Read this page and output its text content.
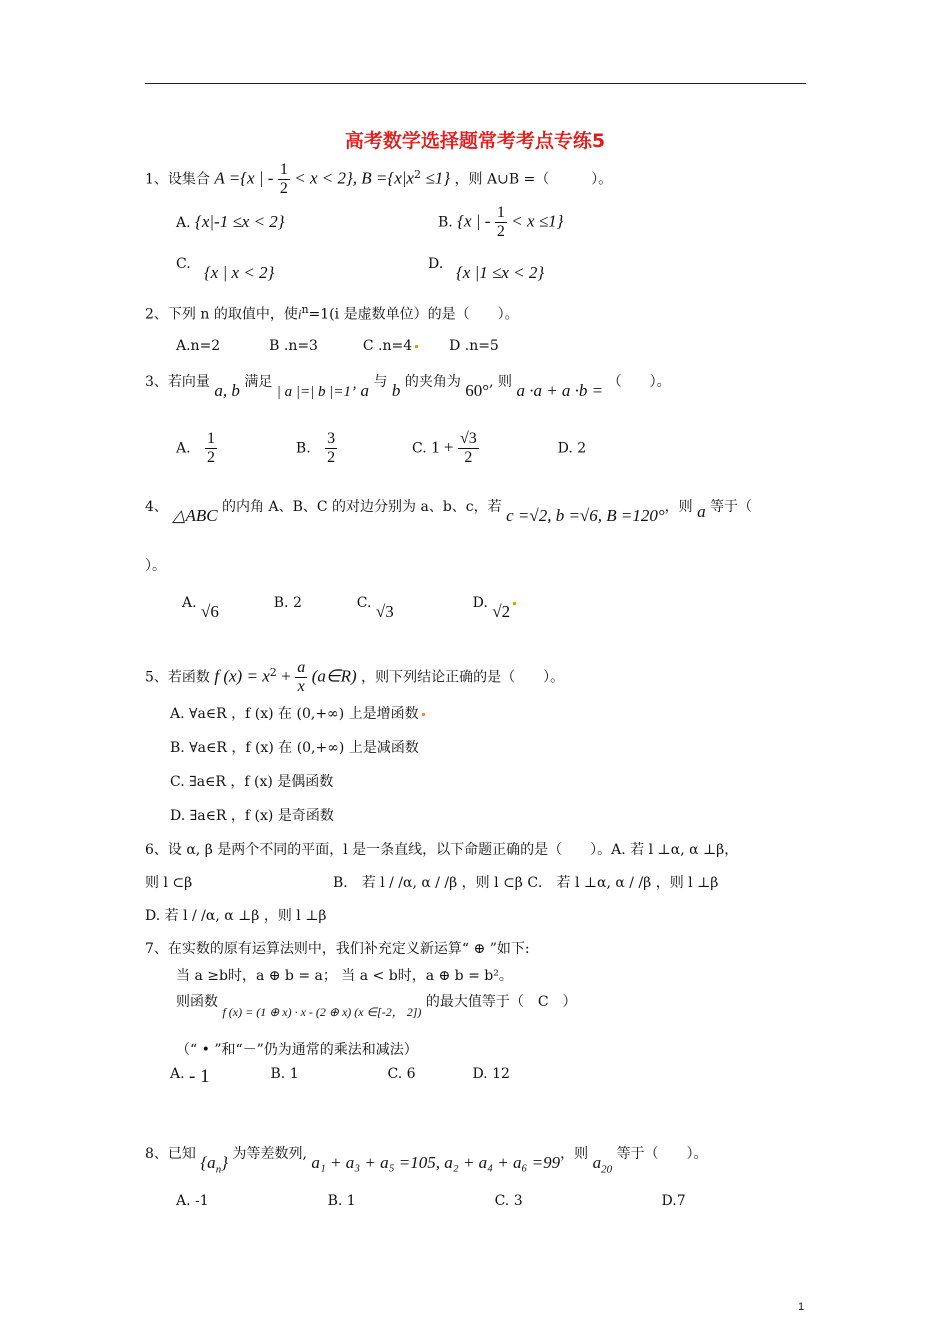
高考数学选择题常考考点专练5
1、设集合 A ={x | - $\frac{1}{2} < x < 2$}, $B =\{x|x^2 \le 1\}$ ，则 A∪B =（　　　）。
A. {x|-1 ≤x < 2}	B. {x | - $\frac{1}{2} < x \le 1$}
C. {x | x < 2}	D. {x |1 ≤x < 2}
2、下列 n 的取值中，使$i^n=1(i$ 是虚数单位）的是（　　）。
A.n=2	B .n=3	C .n=4	D .n=5
3、若向量 a, b 满足 | a |=| b |=1’ a 与 b 的夹角为 60°, 则 a ·a + a ·b = （　　）。
A. $\frac{1}{2}$	B. $\frac{3}{2}$	C. $1 + \frac{√3}{2}$	D. 2
4、 △ABC 的内角 A、B、C 的对边分别为 a、b、c，若 c =√2, b =√6, B =120°，则 a 等于（
）。
A. √6	B. 2	C. √3	D. √2
5、若函数 f $(x) = x^2 + \frac{a}{x}$ (a∈R) ，则下列结论正确的是（　　）。
A. ∀a∈R ，f (x) 在 (0,+∞) 上是增函数
B. ∀a∈R ，f (x) 在 (0,+∞) 上是减函数
C. ∃a∈R ，f (x) 是偶函数
D. ∃a∈R ，f (x) 是奇函数
6、设 α, β 是两个不同的平面，l 是一条直线，以下命题正确的是（　　）。A. 若 l ⊥α, α ⊥β，
则 l ⊂β	B． 若 l / /α, α / /β ，则 l ⊂β C． 若 l ⊥α, α / /β ，则 l ⊥β
D. 若 l / /α, α ⊥β ，则 l ⊥β
7、在实数的原有运算法则中，我们补充定义新运算“ ⊕ ”如下:
当 a ≥b时，a ⊕ b = a； 当 a < b时，a ⊕ b = b²。
则函数 f (x) = (1 ⊕ x) · x - (2 ⊕ x) (x ∈[-2， 2]) 的最大值等于（　C　）
（“ • ”和“－”仍为通常的乘法和减法）
A. - 1	B. 1	C. 6	D. 12
8、已知 $\{a_n\}$ 为等差数列, a₁ + a₃ + a₅ =105, a₂ + a₄ + a₆ =99，则 $a_{20}$ 等于（　　）。
A. -1	B. 1	C. 3	D.7
1
